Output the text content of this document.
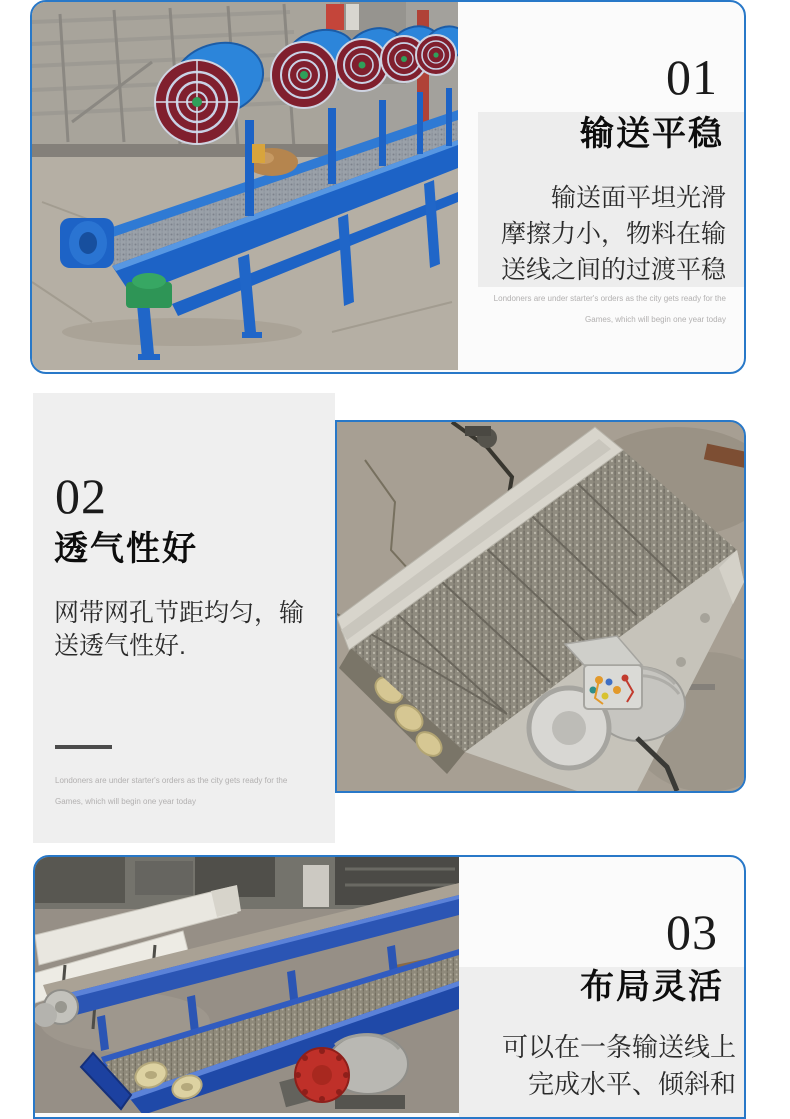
01
输送平稳
输送面平坦光滑
摩擦力小，物料在输
送线之间的过渡平稳
Londoners are under starter's orders as the city gets ready for the
Games, which will begin one year today
02
透气性好
网带网孔节距均匀，输
送透气性好.
Londoners are under starter's orders as the city gets ready for the
Games, which will begin one year today
03
布局灵活
可以在一条输送线上
完成水平、倾斜和
